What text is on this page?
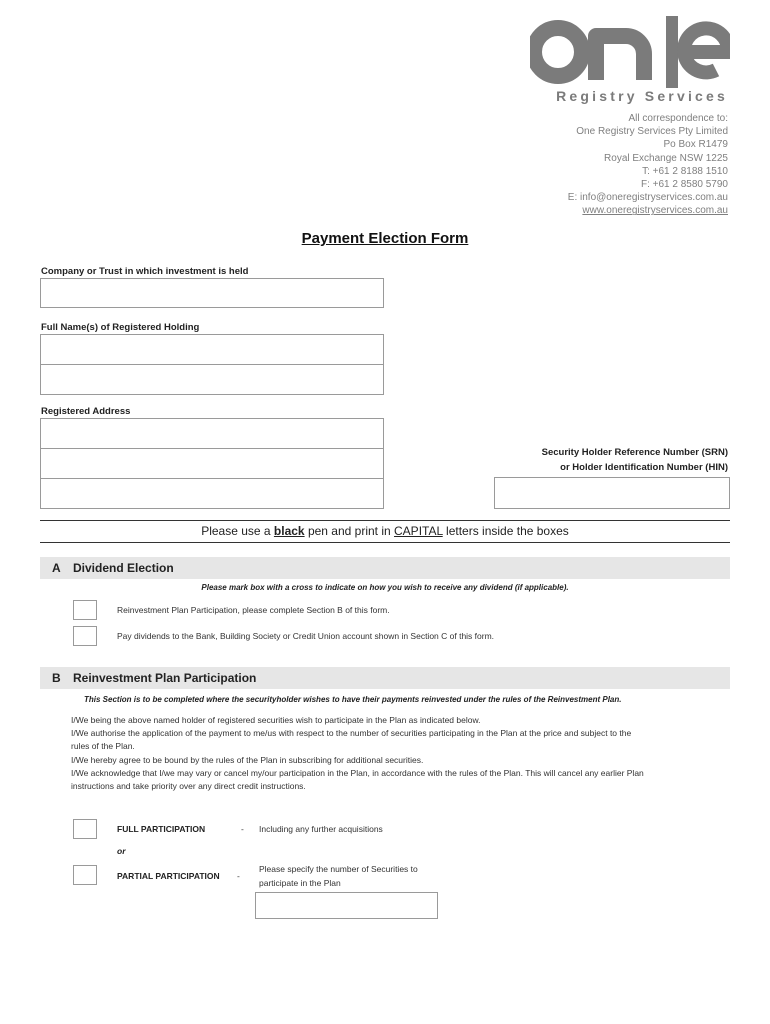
Registry Services
All correspondence to:
One Registry Services Pty Limited
Po Box R1479
Royal Exchange NSW 1225
T: +61 2 8188 1510
F: +61 2 8580 5790
E: info@oneregistryservices.com.au
www.oneregistryservices.com.au
Payment Election Form
Company or Trust in which investment is held
Full Name(s) of Registered Holding
Registered Address
Security Holder Reference Number (SRN)
or Holder Identification Number (HIN)
Please use a black pen and print in CAPITAL letters inside the boxes
A Dividend Election
Please mark box with a cross to indicate on how you wish to receive any dividend (if applicable).
Reinvestment Plan Participation, please complete Section B of this form.
Pay dividends to the Bank, Building Society or Credit Union account shown in Section C of this form.
B Reinvestment Plan Participation
This Section is to be completed where the securityholder wishes to have their payments reinvested under the rules of the Reinvestment Plan.
I/We being the above named holder of registered securities wish to participate in the Plan as indicated below.
I/We authorise the application of the payment to me/us with respect to the number of securities participating in the Plan at the price and subject to the
rules of the Plan.
I/We hereby agree to be bound by the rules of the Plan in subscribing for additional securities.
I/We acknowledge that I/we may vary or cancel my/our participation in the Plan, in accordance with the rules of the Plan. This will cancel any earlier Plan
instructions and take priority over any direct credit instructions.
FULL PARTICIPATION	- Including any further acquisitions
or
PARTIAL PARTICIPATION -
Please specify the number of Securities to
participate in the Plan
